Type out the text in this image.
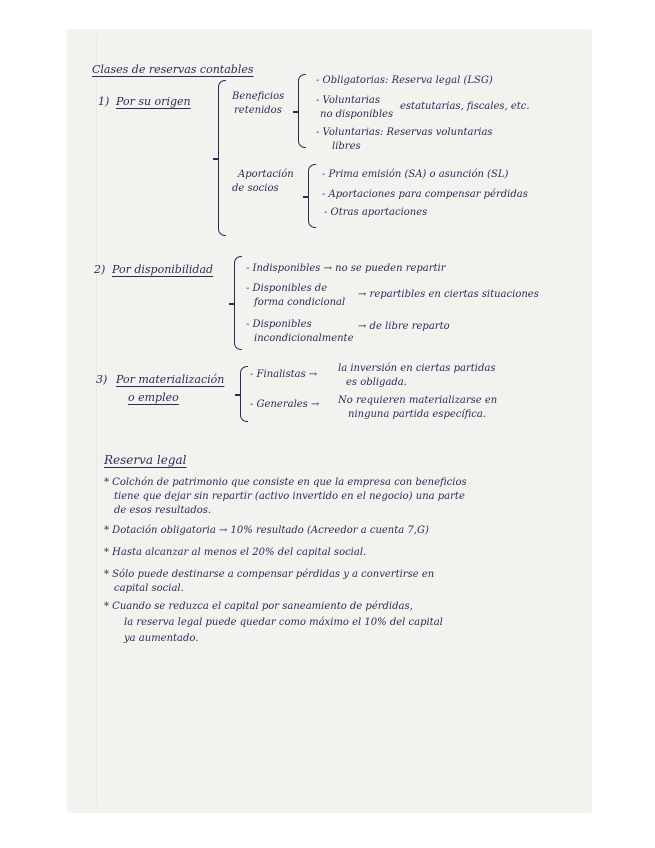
Clases de reservas contables
1) Por su origen	Beneficios
retenidos
- Obligatorias: Reserva legal (LSG)
- Voluntarias
no disponibles
estatutarias, fiscales, etc.
- Voluntarias: Reservas voluntarias
libres
Aportación
de socios
- Prima emisión (SA) o asunción (SL)
- Aportaciones para compensar pérdidas
- Otras aportaciones
2) Por disponibilidad	- Indisponibles → no se pueden repartir
- Disponibles de
forma condicional
→ repartibles en ciertas situaciones
- Disponibles
incondicionalmente
→ de libre reparto
3) Por materialización
o empleo
- Finalistas →
la inversión en ciertas partidas
es obligada.
- Generales → No requieren materializarse en
ninguna partida específica.
Reserva legal
* Colchón de patrimonio que consiste en que la empresa con beneficios
tiene que dejar sin repartir (activo invertido en el negocio) una parte
de esos resultados.
* Dotación obligatoria → 10% resultado (Acreedor a cuenta 7,G)
* Hasta alcanzar al menos el 20% del capital social.
* Sólo puede destinarse a compensar pérdidas y a convertirse en
capital social.
* Cuando se reduzca el capital por saneamiento de pérdidas,
la reserva legal puede quedar como máximo el 10% del capital
ya aumentado.
